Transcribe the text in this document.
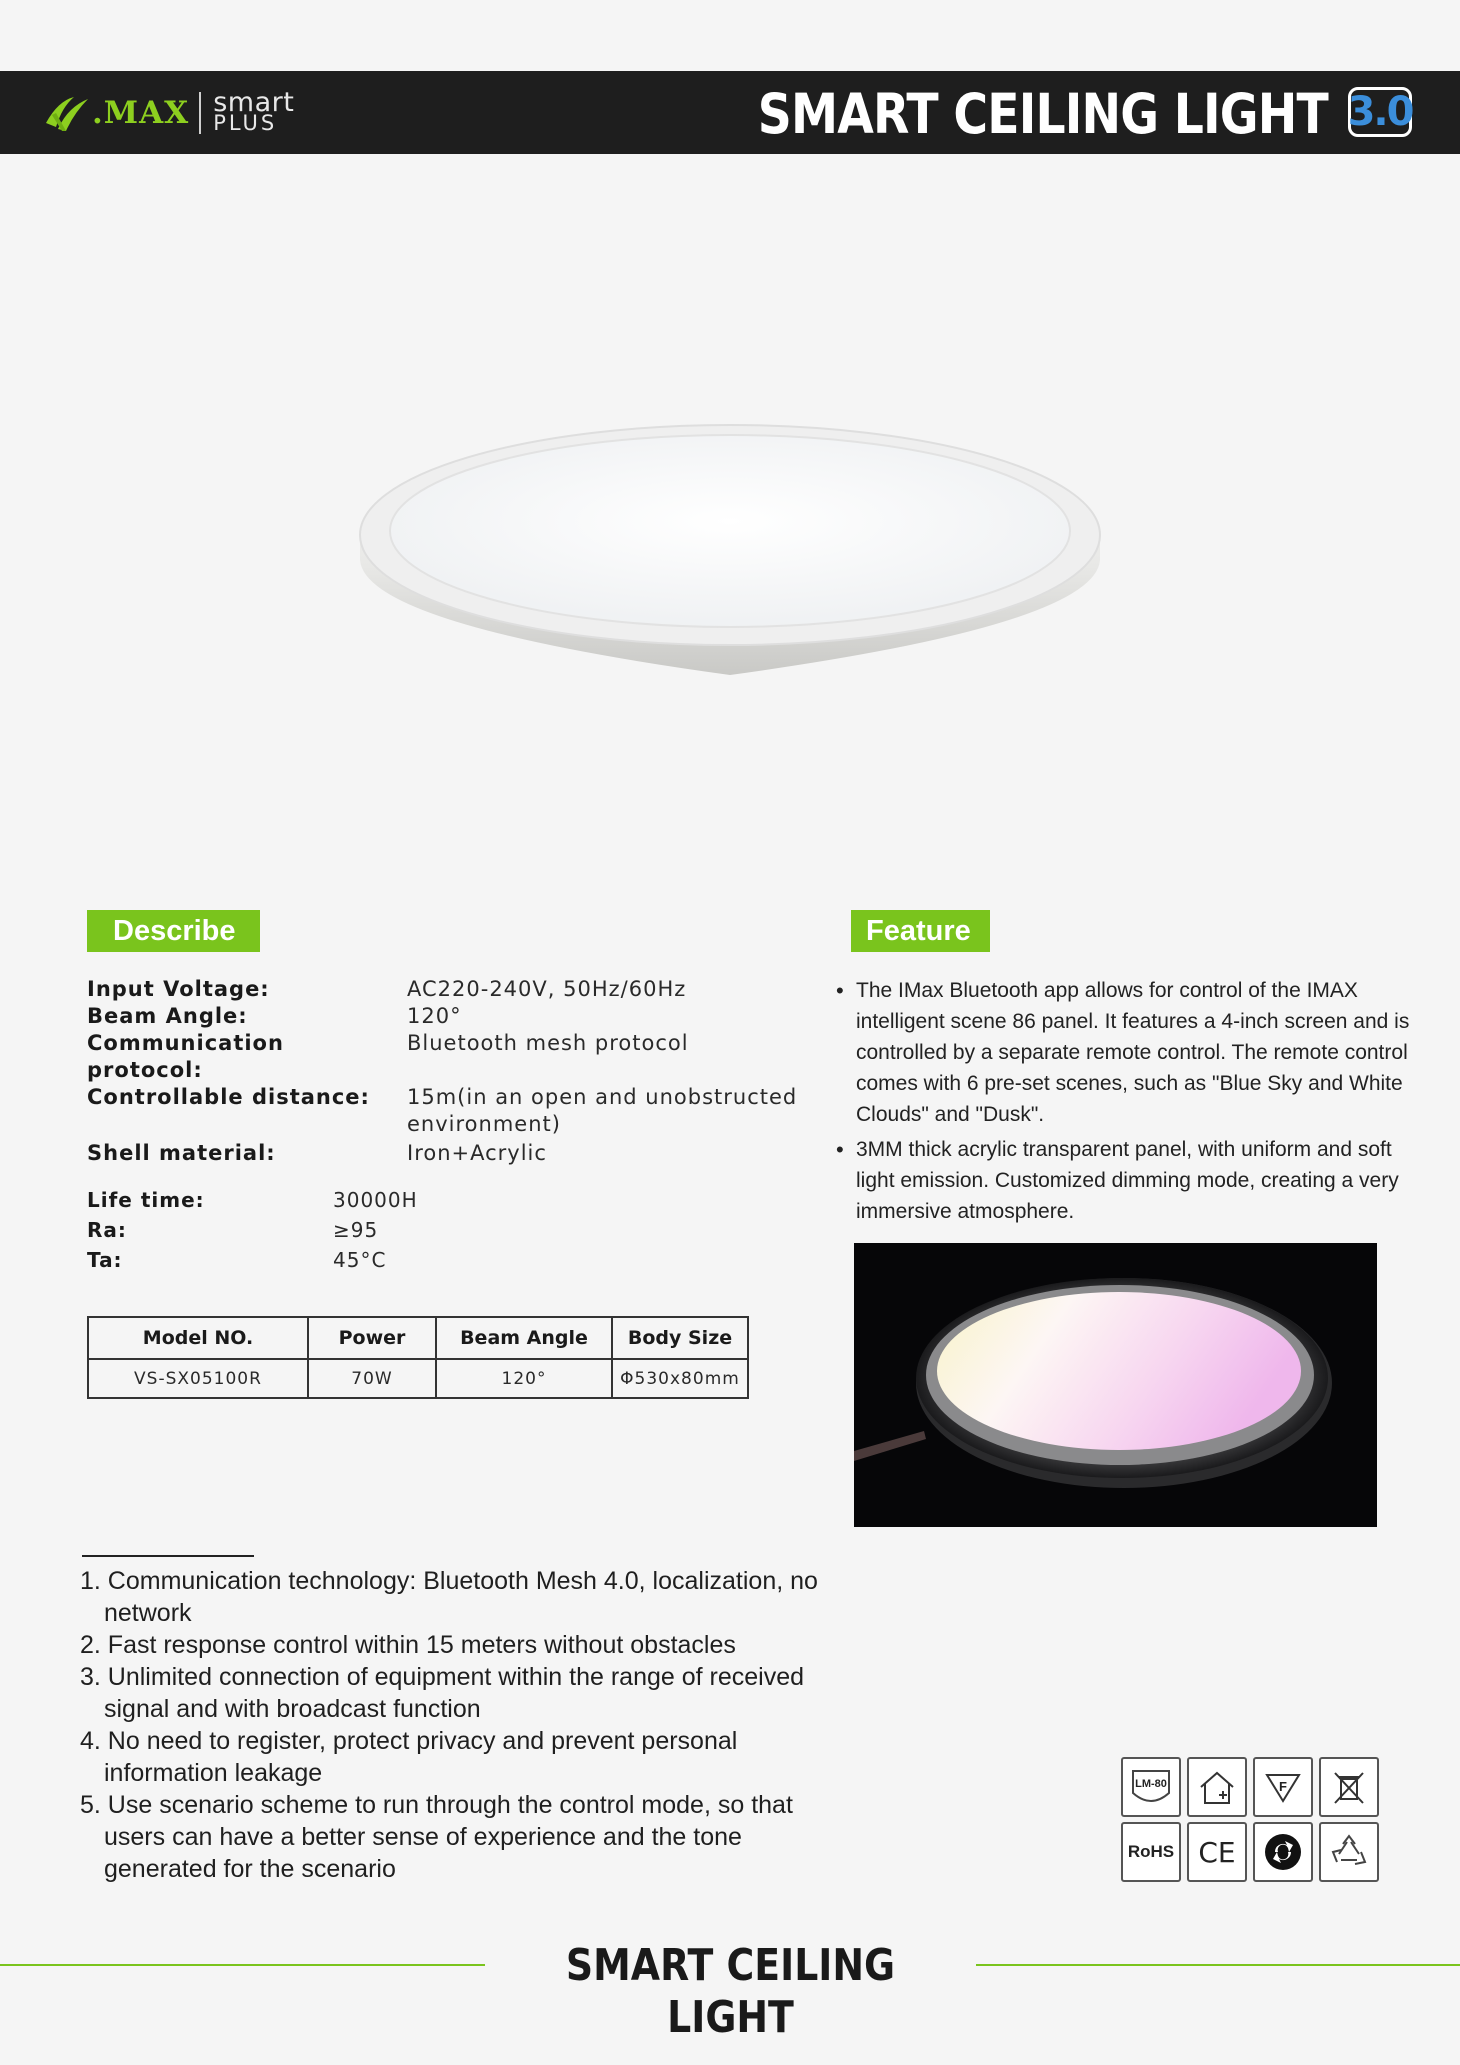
.MAX smart
PLUS	SMART CEILING LIGHT 3.0
Describe
Input Voltage:	AC220-240V, 50Hz/60Hz
Beam Angle:	120°
Communication protocol:
Bluetooth mesh protocol
Controllable distance:	15m(in an open and unobstructed environment)
Shell material:	Iron+Acrylic
Life time:	30000H
Ra:	≥95
Ta:	45°C
Model NO.	Power	Beam Angle	Body Size
VS-SX05100R	70W	120°	Φ530x80mm
Feature
• The IMax Bluetooth app allows for control of the IMAX intelligent scene 86 panel. It features a 4-inch screen and is controlled by a separate remote control. The remote control comes with 6 pre-set scenes, such as "Blue Sky and White Clouds" and "Dusk".
• 3MM thick acrylic transparent panel, with uniform and soft light emission. Customized dimming mode, creating a very immersive atmosphere.
1. Communication technology: Bluetooth Mesh 4.0, localization, no network
2. Fast response control within 15 meters without obstacles
3. Unlimited connection of equipment within the range of received signal and with broadcast function
4. No need to register, protect privacy and prevent personal information leakage
5. Use scenario scheme to run through the control mode, so that users can have a better sense of experience and the tone generated for the scenario
LM-80	F
RoHS CE
SMART CEILING LIGHT
